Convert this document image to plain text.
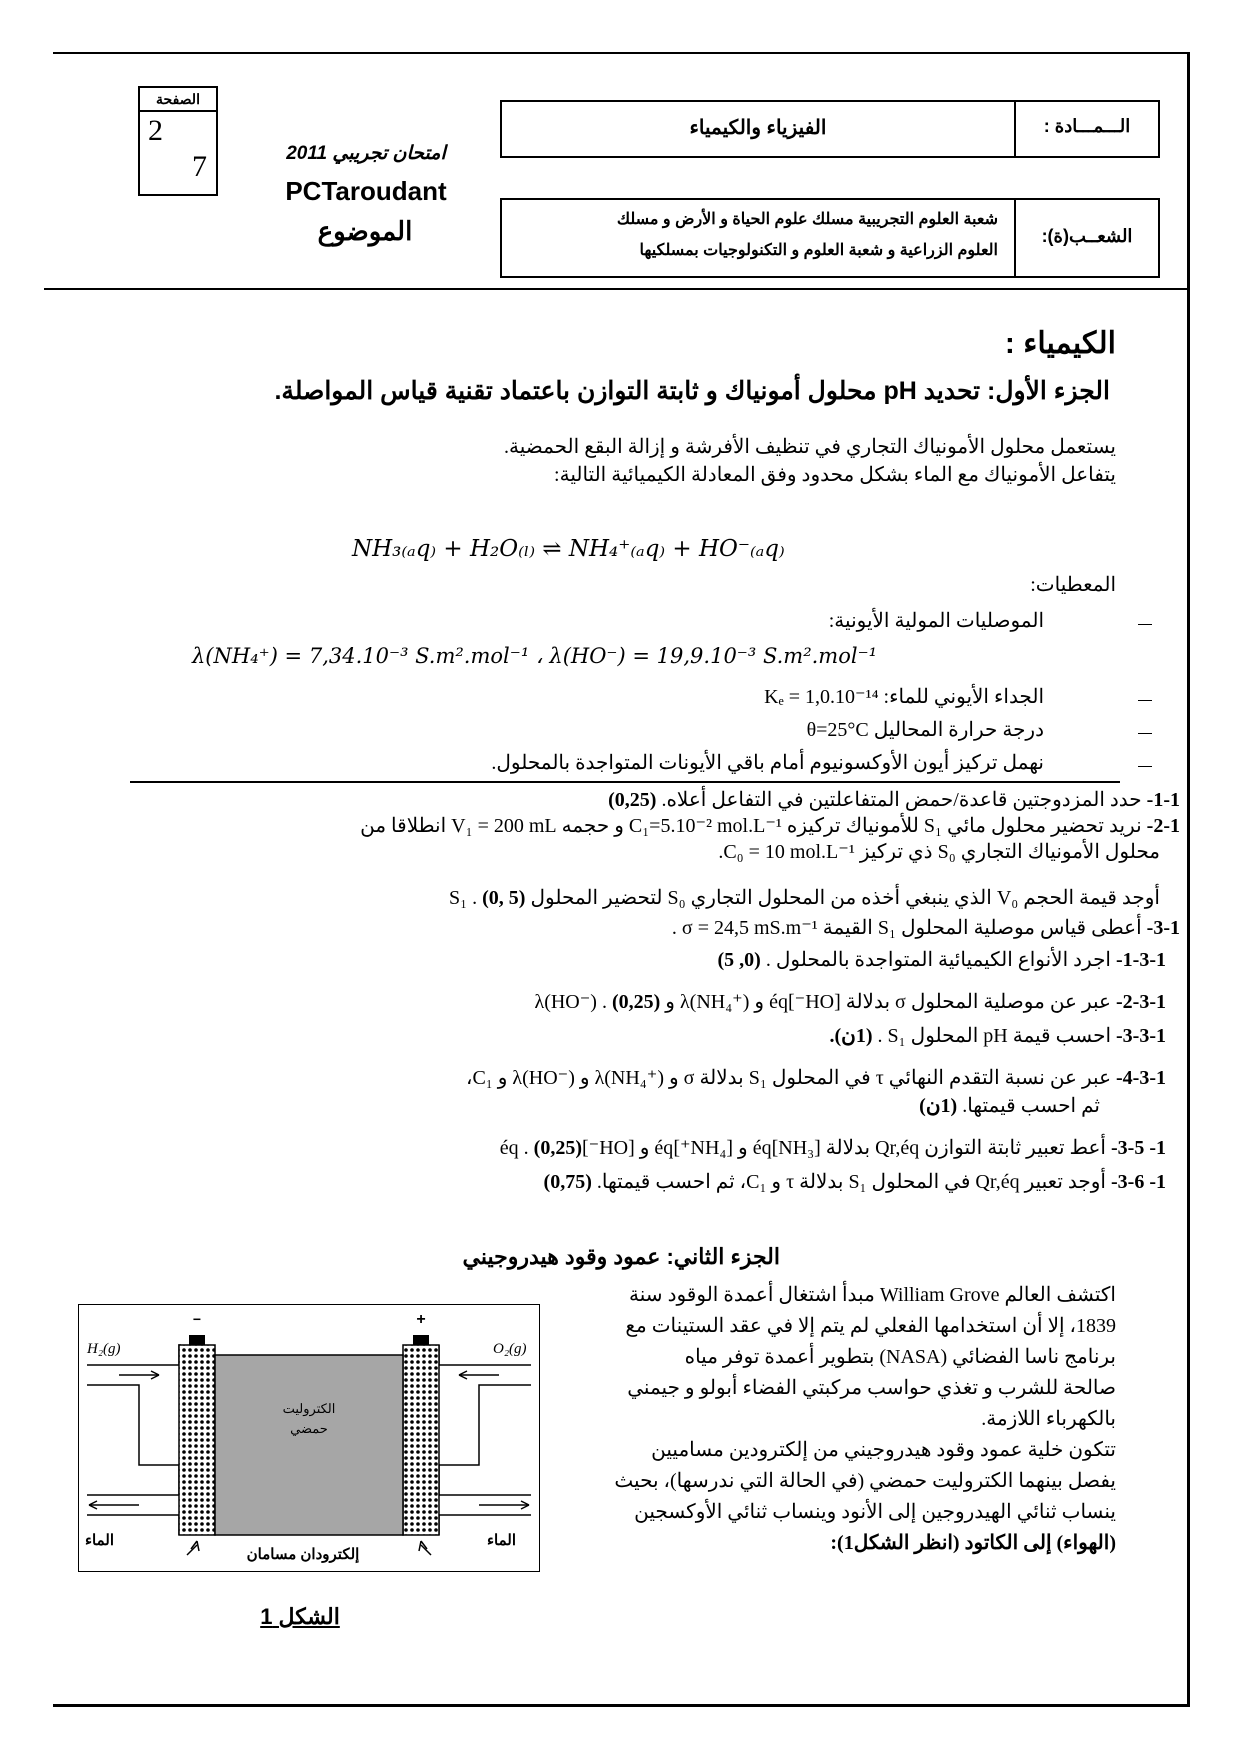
الصفحة
2
7	امتحان تجريبي 2011
PCTaroudant
الموضوع
الـــمـــادة :
الفيزياء والكيمياء
الشعــب(ة):
شعبة العلوم التجريبية مسلك علوم الحياة و الأرض و مسلك
العلوم الزراعية و شعبة العلوم و التكنولوجيات بمسلكيها
الكيمياء :
الجزء الأول: تحديد pH محلول أمونياك و ثابتة التوازن باعتماد تقنية قياس المواصلة.
يستعمل محلول الأمونياك التجاري في تنظيف الأفرشة و إزالة البقع الحمضية.
يتفاعل الأمونياك مع الماء بشكل محدود وفق المعادلة الكيميائية التالية:
NH₃₍ₐq₎ + H₂O₍ₗ₎ ⇌ NH₄⁺₍ₐq₎ + HO⁻₍ₐq₎
المعطيات:
الموصليات المولية الأيونية:
λ(NH₄⁺) = 7,34.10⁻³ S.m².mol⁻¹ ، λ(HO⁻) = 19,9.10⁻³ S.m².mol⁻¹
الجداء الأيوني للماء: Kₑ = 1,0.10⁻¹⁴
درجة حرارة المحاليل θ=25°C
نهمل تركيز أيون الأوكسونيوم أمام باقي الأيونات المتواجدة بالمحلول.
1-1- حدد المزدوجتين قاعدة/حمض المتفاعلتين في التفاعل أعلاه. (0,25)
2-1- نريد تحضير محلول مائي S₁ للأمونياك تركيزه C₁=5.10⁻² mol.L⁻¹ و حجمه V₁ = 200 mL انطلاقا من
محلول الأمونياك التجاري S₀ ذي تركيز C₀ = 10 mol.L⁻¹.
أوجد قيمة الحجم V₀ الذي ينبغي أخذه من المحلول التجاري S₀ لتحضير المحلول S₁ . (0, 5)
3-1- أعطى قياس موصلية المحلول S₁ القيمة σ = 24,5 mS.m⁻¹ .
1-3-1- اجرد الأنواع الكيميائية المتواجدة بالمحلول . (0, 5)
2-3-1- عبر عن موصلية المحلول σ بدلالة [HO⁻]éq و λ(NH₄⁺) و λ(HO⁻) . (0,25)
3-3-1- احسب قيمة pH المحلول S₁ . (1ن).
4-3-1- عبر عن نسبة التقدم النهائي τ في المحلول S₁ بدلالة σ و λ(NH₄⁺) و λ(HO⁻) و C₁،
ثم احسب قيمتها. (1ن)
1- 3-5- أعط تعبير ثابتة التوازن Qr,éq بدلالة [NH₃]éq و [NH₄⁺]éq و [HO⁻]éq . (0,25)
1- 3-6- أوجد تعبير Qr,éq في المحلول S₁ بدلالة τ و C₁، ثم احسب قيمتها. (0,75)
الجزء الثاني: عمود وقود هيدروجيني
اكتشف العالم William Grove مبدأ اشتغال أعمدة الوقود سنة
1839، إلا أن استخدامها الفعلي لم يتم إلا في عقد الستينات مع
برنامج ناسا الفضائي (NASA) بتطوير أعمدة توفر مياه
صالحة للشرب و تغذي حواسب مركبتي الفضاء أبولو و جيمني
بالكهرباء اللازمة.
تتكون خلية عمود وقود هيدروجيني من إلكترودين مساميين
يفصل بينهما الكتروليت حمضي (في الحالة التي ندرسها)، بحيث
ينساب ثنائي الهيدروجين إلى الأنود وينساب ثنائي الأوكسجين
(الهواء) إلى الكاتود (انظر الشكل1):
−	+
H₂(g)	O₂(g)
الكتروليت
حمضي
الماء	الماء
إلكترودان مسامان
الشكل 1
